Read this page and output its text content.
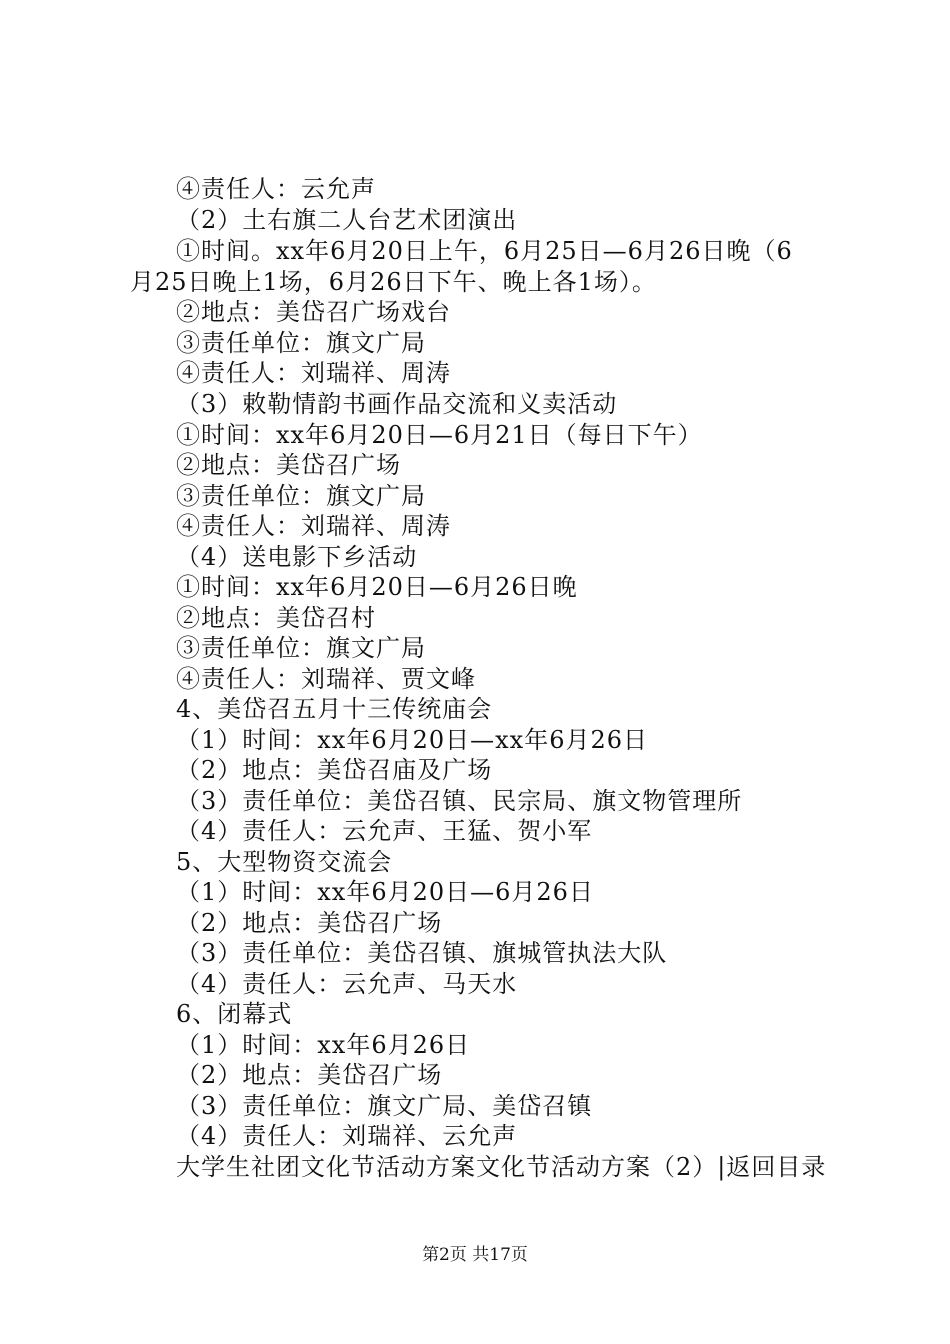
④责任人：云允声
（2）土右旗二人台艺术团演出
①时间。xx年6月20日上午，6月25日—6月26日晚（6
月25日晚上1场，6月26日下午、晚上各1场）。
②地点：美岱召广场戏台
③责任单位：旗文广局
④责任人：刘瑞祥、周涛
（3）敕勒情韵书画作品交流和义卖活动
①时间：xx年6月20日—6月21日（每日下午）
②地点：美岱召广场
③责任单位：旗文广局
④责任人：刘瑞祥、周涛
（4）送电影下乡活动
①时间：xx年6月20日—6月26日晚
②地点：美岱召村
③责任单位：旗文广局
④责任人：刘瑞祥、贾文峰
4、美岱召五月十三传统庙会
（1）时间：xx年6月20日—xx年6月26日
（2）地点：美岱召庙及广场
（3）责任单位：美岱召镇、民宗局、旗文物管理所
（4）责任人：云允声、王猛、贺小军
5、大型物资交流会
（1）时间：xx年6月20日—6月26日
（2）地点：美岱召广场
（3）责任单位：美岱召镇、旗城管执法大队
（4）责任人：云允声、马天水
6、闭幕式
（1）时间：xx年6月26日
（2）地点：美岱召广场
（3）责任单位：旗文广局、美岱召镇
（4）责任人：刘瑞祥、云允声
大学生社团文化节活动方案文化节活动方案（2）|返回目录
第2页 共17页
